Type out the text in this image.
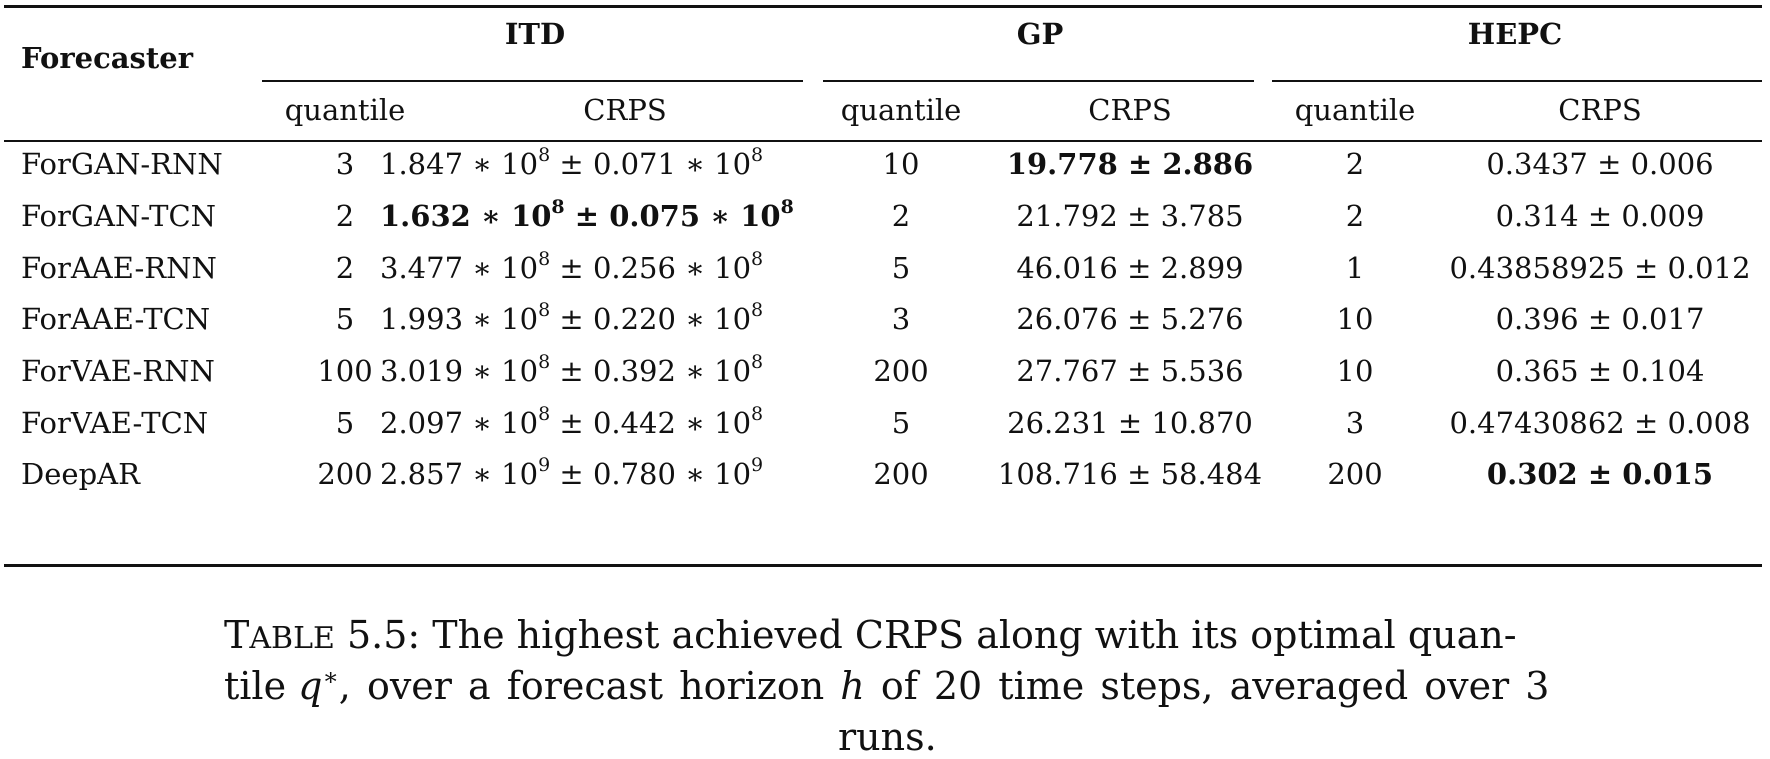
Forecaster
ITD	GP	HEPC
quantile	CRPS	quantile	CRPS	quantile	CRPS
ForGAN-RNN	3 1.847 ∗ $10^8 \pm 0.071$ ∗ $10^8$	10	19.778 ± 2.886	2	0.3437 ± 0.006
ForGAN-TCN	2 1.632 ∗ $10^8 \pm 0.075$ ∗ $10^8$	2	21.792 ± 3.785	2	0.314 ± 0.009
ForAAE-RNN	2 3.477 ∗ $10^8 \pm 0.256$ ∗ $10^8$	5	46.016 ± 2.899	1	0.43858925 ± 0.012
ForAAE-TCN	5 1.993 ∗ $10^8 \pm 0.220$ ∗ $10^8$	3	26.076 ± 5.276	10	0.396 ± 0.017
ForVAE-RNN	100 3.019 ∗ $10^8 \pm 0.392$ ∗ $10^8$	200	27.767 ± 5.536	10	0.365 ± 0.104
ForVAE-TCN	5 2.097 ∗ $10^8 \pm 0.442$ ∗ $10^8$	5	26.231 ± 10.870	3	0.47430862 ± 0.008
DeepAR	200 2.857 ∗ $10^9 \pm 0.780$ ∗ $10^9$	200	108.716 ± 58.484	200	0.302 ± 0.015
TABLE 5.5: The highest achieved CRPS along with its optimal quan-
tile q∗, over a forecast horizon h of 20 time steps, averaged over 3
runs.
